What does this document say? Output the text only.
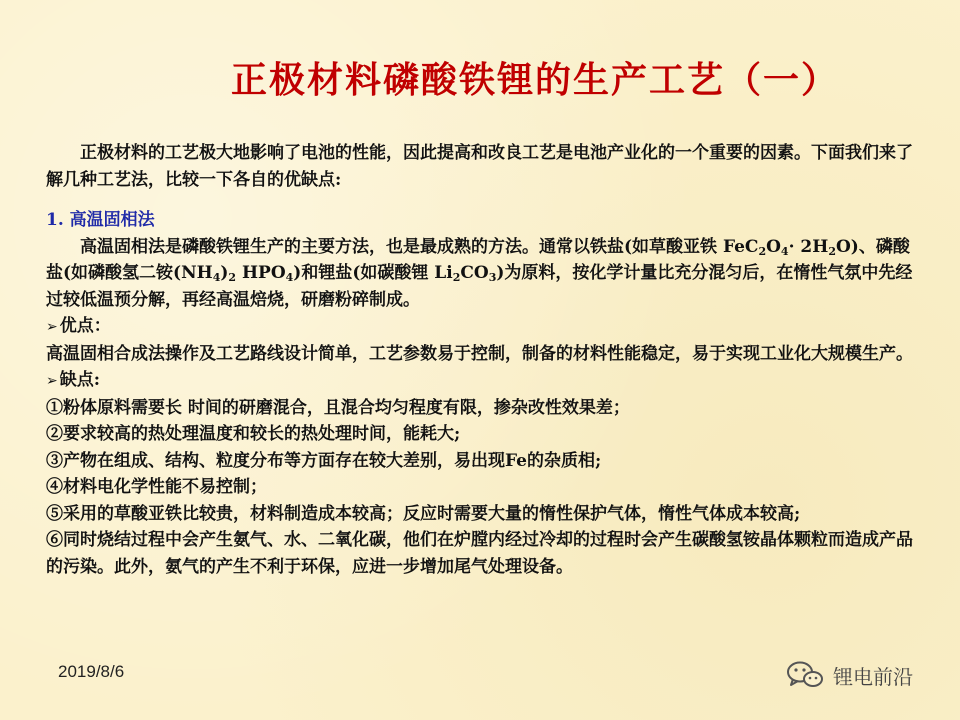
正极材料磷酸铁锂的生产工艺（一）

正极材料的工艺极大地影响了电池的性能，因此提高和改良工艺是电池产业化的一个重要的因素。下面我们来了解几种工艺法，比较一下各自的优缺点:

1. 高温固相法

高温固相法是磷酸铁锂生产的主要方法，也是最成熟的方法。通常以铁盐(如草酸亚铁 $FeC_2O_4\cdot 2H_2O$)、磷酸盐(如磷酸氢二铵$(NH_4)_2$ $HPO_4$)和锂盐(如碳酸锂 $Li_2CO_3$)为原料，按化学计量比充分混匀后，在惰性气氛中先经过较低温预分解，再经高温焙烧，研磨粉碎制成。

➢ 优点：

高温固相合成法操作及工艺路线设计简单，工艺参数易于控制，制备的材料性能稳定，易于实现工业化大规模生产。

➢ 缺点:

①粉体原料需要长 时间的研磨混合，且混合均匀程度有限，掺杂改性效果差；

②要求较高的热处理温度和较长的热处理时间，能耗大;

③产物在组成、结构、粒度分布等方面存在较大差别，易出现Fe的杂质相;

④材料电化学性能不易控制；

⑤采用的草酸亚铁比较贵，材料制造成本较高；反应时需要大量的惰性保护气体，惰性气体成本较高;

⑥同时烧结过程中会产生氨气、水、二氧化碳，他们在炉膛内经过冷却的过程时会产生碳酸氢铵晶体颗粒而造成产品的污染。此外，氨气的产生不利于环保，应进一步增加尾气处理设备。

2019/8/6	锂电前沿
